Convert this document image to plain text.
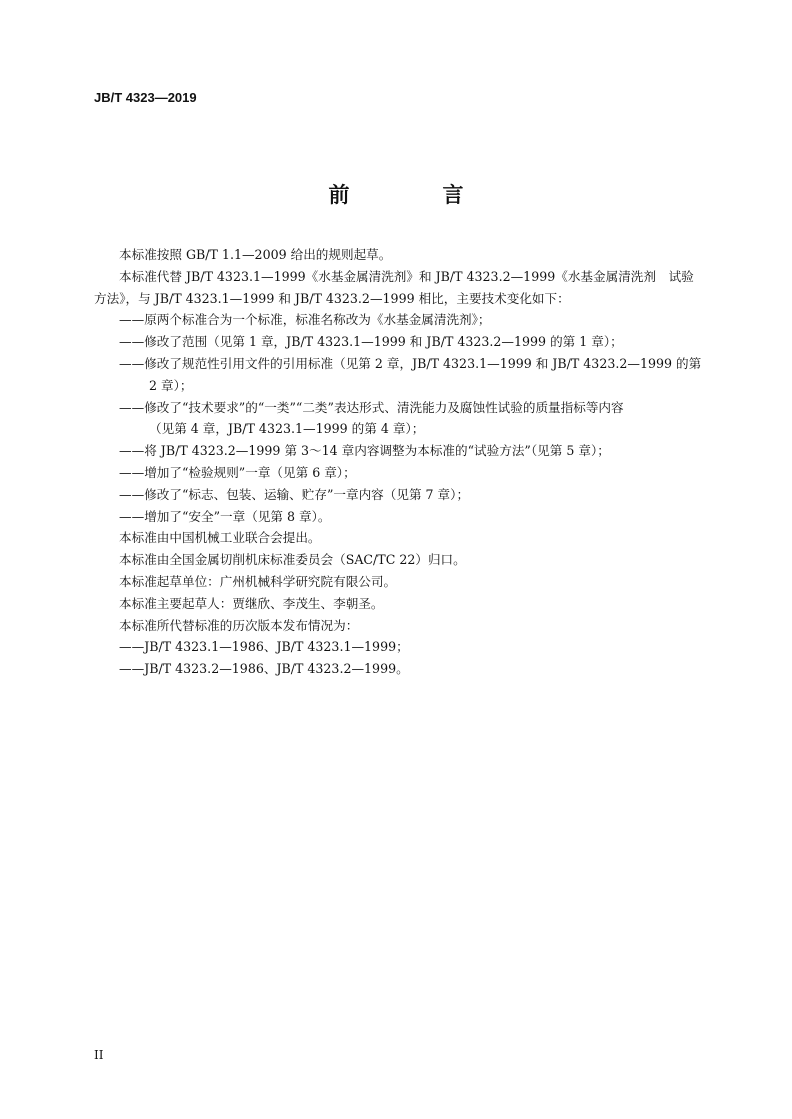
JB/T 4323—2019
前　言

本标准按照 GB/T 1.1—2009 给出的规则起草。

本标准代替 JB/T 4323.1—1999《水基金属清洗剂》和 JB/T 4323.2—1999《水基金属清洗剂　试验

方法》，与 JB/T 4323.1—1999 和 JB/T 4323.2—1999 相比，主要技术变化如下：

——原两个标准合为一个标准，标准名称改为《水基金属清洗剂》；

——修改了范围（见第 1 章，JB/T 4323.1—1999 和 JB/T 4323.2—1999 的第 1 章）；

——修改了规范性引用文件的引用标准（见第 2 章，JB/T 4323.1—1999 和 JB/T 4323.2—1999 的第

2 章）；

——修改了“技术要求”的“一类”“二类”表达形式、清洗能力及腐蚀性试验的质量指标等内容

（见第 4 章，JB/T 4323.1—1999 的第 4 章）；

——将 JB/T 4323.2—1999 第 3～14 章内容调整为本标准的“试验方法”（见第 5 章）；

——增加了“检验规则”一章（见第 6 章）；

——修改了“标志、包装、运输、贮存”一章内容（见第 7 章）；

——增加了“安全”一章（见第 8 章）。

本标准由中国机械工业联合会提出。

本标准由全国金属切削机床标准委员会（SAC/TC 22）归口。

本标准起草单位：广州机械科学研究院有限公司。

本标准主要起草人：贾继欣、李茂生、李朝圣。

本标准所代替标准的历次版本发布情况为：

——JB/T 4323.1—1986、JB/T 4323.1—1999；

——JB/T 4323.2—1986、JB/T 4323.2—1999。

II
